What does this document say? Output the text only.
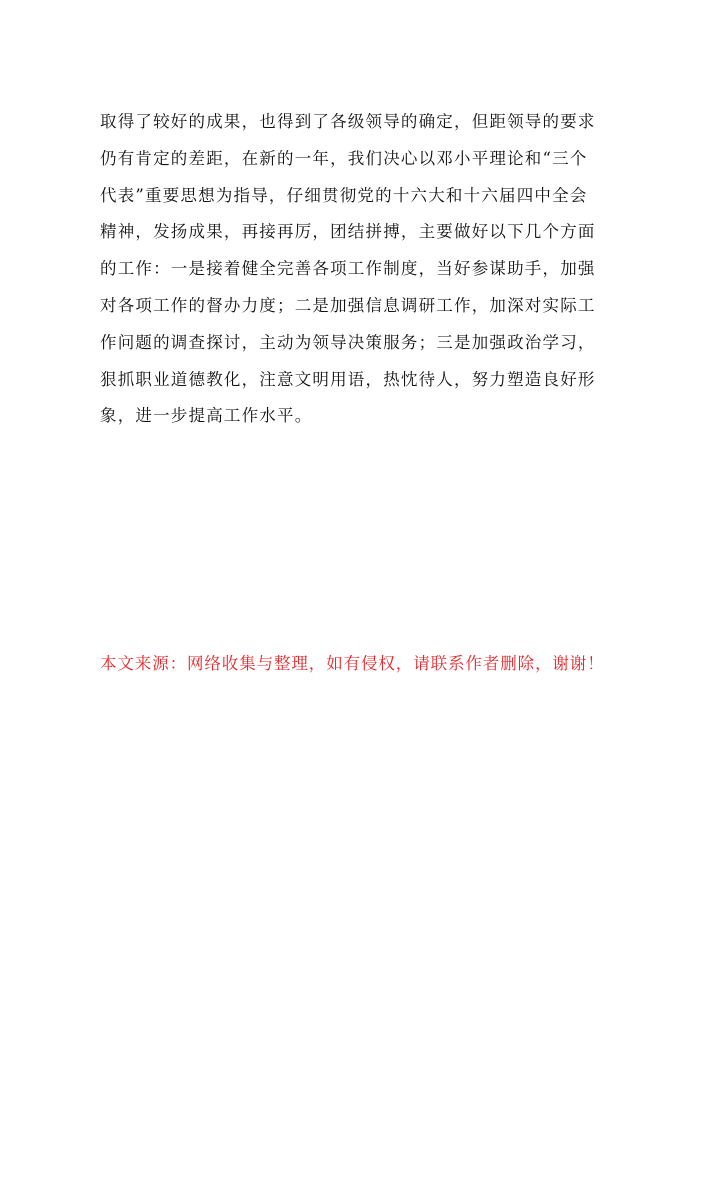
取得了较好的成果，也得到了各级领导的确定，但距领导的要求
仍有肯定的差距，在新的一年，我们决心以邓小平理论和“三个
代表”重要思想为指导，仔细贯彻党的十六大和十六届四中全会
精神，发扬成果，再接再厉，团结拼搏，主要做好以下几个方面
的工作：一是接着健全完善各项工作制度，当好参谋助手，加强
对各项工作的督办力度；二是加强信息调研工作，加深对实际工
作问题的调查探讨，主动为领导决策服务；三是加强政治学习，
狠抓职业道德教化，注意文明用语，热忱待人，努力塑造良好形
象，进一步提高工作水平。
本文来源：网络收集与整理，如有侵权，请联系作者删除，谢谢！
